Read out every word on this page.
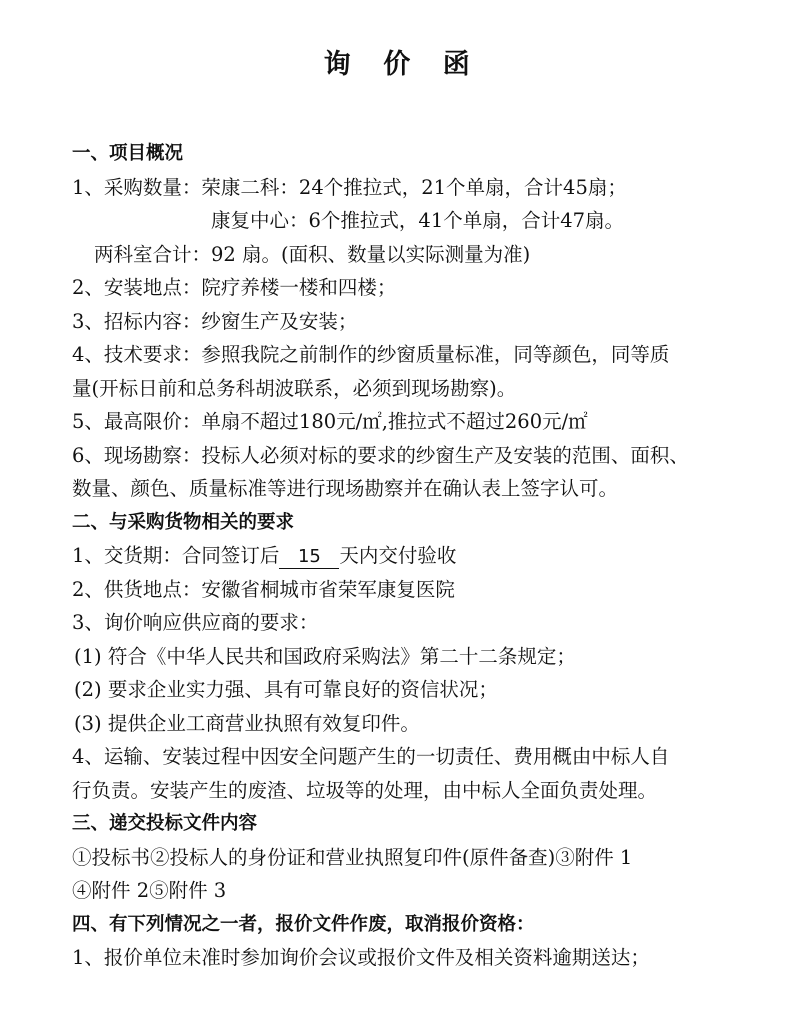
询 价 函
一、项目概况
1、采购数量：荣康二科：24个推拉式，21个单扇，合计45扇；
康复中心：6个推拉式，41个单扇，合计47扇。
两科室合计：92 扇。(面积、数量以实际测量为准)
2、安装地点：院疗养楼一楼和四楼；
3、招标内容：纱窗生产及安装；
4、技术要求：参照我院之前制作的纱窗质量标准，同等颜色，同等质
量(开标日前和总务科胡波联系，必须到现场勘察)。
5、最高限价：单扇不超过180元/㎡,推拉式不超过260元/㎡
6、现场勘察：投标人必须对标的要求的纱窗生产及安装的范围、面积、
数量、颜色、质量标准等进行现场勘察并在确认表上签字认可。
二、与采购货物相关的要求
1、交货期：合同签订后 15 天内交付验收
2、供货地点：安徽省桐城市省荣军康复医院
3、询价响应供应商的要求：
(1) 符合《中华人民共和国政府采购法》第二十二条规定；
(2) 要求企业实力强、具有可靠良好的资信状况；
(3) 提供企业工商营业执照有效复印件。
4、运输、安装过程中因安全问题产生的一切责任、费用概由中标人自
行负责。安装产生的废渣、垃圾等的处理，由中标人全面负责处理。
三、递交投标文件内容
①投标书②投标人的身份证和营业执照复印件(原件备查)③附件 1
④附件 2⑤附件 3
四、有下列情况之一者，报价文件作废，取消报价资格：
1、报价单位未准时参加询价会议或报价文件及相关资料逾期送达；
